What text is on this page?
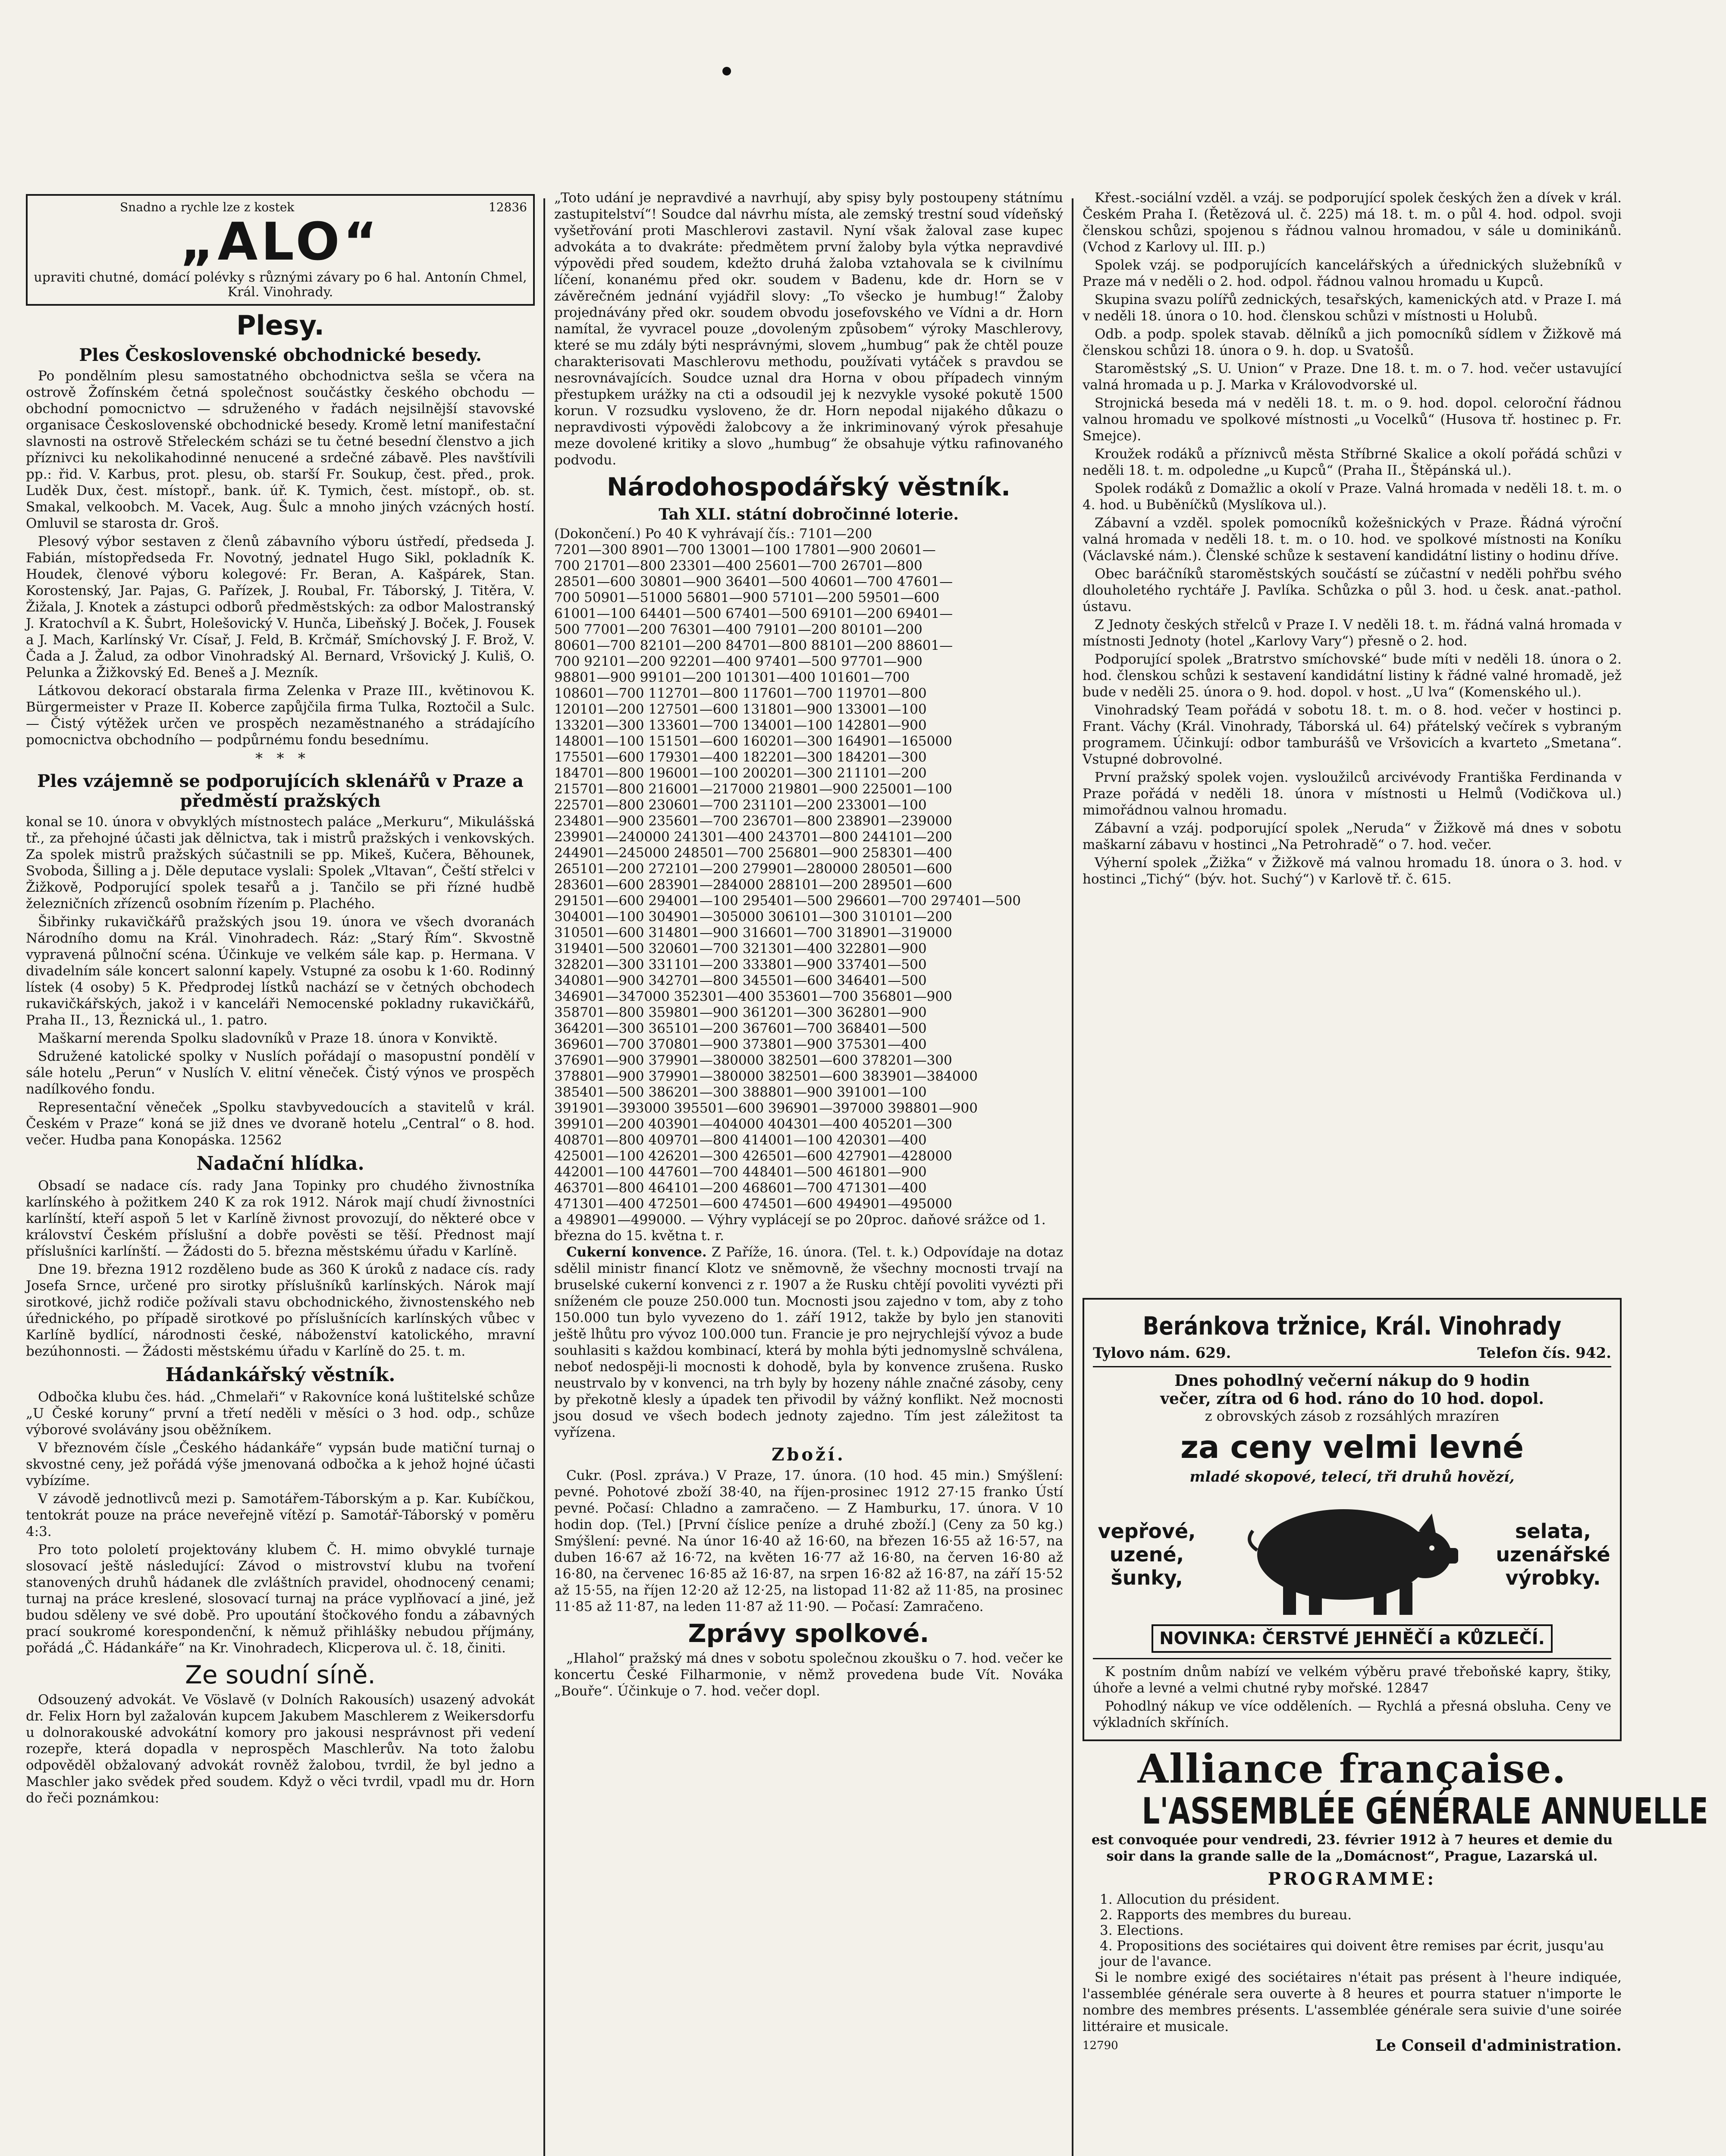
Snadno a rychle lze z kostek	12836
„ALO“
upraviti chutné, domácí polévky s různými závary po 6 hal. Antonín Chmel, Král. Vinohrady.
Plesy.
Ples Československé obchodnické besedy.

Po pondělním plesu samostatného obchodnictva sešla se včera na ostrově Žofínském četná společnost součástky českého obchodu — obchodní pomocnictvo — sdruženého v řadách nejsilnější stavovské organisace Československé obchodnické besedy. Kromě letní manifestační slavnosti na ostrově Střeleckém scházi se tu četné besední členstvo a jich příznivci ku nekolikahodinné nenucené a srdečné zábavě. Ples navštívili pp.: řid. V. Karbus, prot. plesu, ob. starší Fr. Soukup, čest. před., prok. Luděk Dux, čest. místopř., bank. úř. K. Tymich, čest. místopř., ob. st. Smakal, velkoobch. M. Vacek, Aug. Šulc a mnoho jiných vzácných hostí. Omluvil se starosta dr. Groš.

Plesový výbor sestaven z členů zábavního výboru ústředí, předseda J. Fabián, místopředseda Fr. Novotný, jednatel Hugo Sikl, pokladník K. Houdek, členové výboru kolegové: Fr. Beran, A. Kašpárek, Stan. Korostenský, Jar. Pajas, G. Pařízek, J. Roubal, Fr. Táborský, J. Titěra, V. Žižala, J. Knotek a zástupci odborů předměstských: za odbor Malostranský J. Kratochvíl a K. Šubrt, Holešovický V. Hunča, Libeňský J. Boček, J. Fousek a J. Mach, Karlínský Vr. Císař, J. Feld, B. Krčmář, Smíchovský J. F. Brož, V. Čada a J. Žalud, za odbor Vinohradský Al. Bernard, Vršovický J. Kuliš, O. Pelunka a Žižkovský Ed. Beneš a J. Mezník.

Látkovou dekorací obstarala firma Zelenka v Praze III., květinovou K. Bürgermeister v Praze II. Koberce zapůjčila firma Tulka, Roztočil a Sulc. — Čistý výtěžek určen ve prospěch nezaměstnaného a strádajícího pomocnictva obchodního — podpůrnému fondu besednímu.

*   *   *
Ples vzájemně se podporujících sklenářů v Praze a předměstí pražských

konal se 10. února v obvyklých místnostech paláce „Merkuru“, Mikulášská tř., za přehojné účasti jak dělnictva, tak i mistrů pražských i venkovských. Za spolek mistrů pražských súčastnili se pp. Mikeš, Kučera, Běhounek, Svoboda, Šilling a j. Děle deputace vyslali: Spolek „Vltavan“, Čeští střelci v Žižkově, Podporující spolek tesařů a j. Tančilo se při řízné hudbě železničních zřízenců osobním řízením p. Plachého.

Šibřinky rukavičkářů pražských jsou 19. února ve všech dvoranách Národního domu na Král. Vinohradech. Ráz: „Starý Řím“. Skvostně vypravená půlnoční scéna. Účinkuje ve velkém sále kap. p. Hermana. V divadelním sále koncert salonní kapely. Vstupné za osobu k 1·60. Rodinný lístek (4 osoby) 5 K. Předprodej lístků nachází se v četných obchodech rukavičkářských, jakož i v kanceláři Nemocenské pokladny rukavičkářů, Praha II., 13, Řeznická ul., 1. patro.

Maškarní merenda Spolku sladovníků v Praze 18. února v Konviktě.

Sdružené katolické spolky v Nuslích pořádají o masopustní pondělí v sále hotelu „Perun“ v Nuslích V. elitní věneček. Čistý výnos ve prospěch nadílkového fondu.

Representační věneček „Spolku stavbyvedoucích a stavitelů v král. Českém v Praze“ koná se již dnes ve dvoraně hotelu „Central“ o 8. hod. večer. Hudba pana Konopáska. 12562

Nadační hlídka.

Obsadí se nadace cís. rady Jana Topinky pro chudého živnostníka karlínského à požitkem 240 K za rok 1912. Nárok mají chudí živnostníci karlínští, kteří aspoň 5 let v Karlíně živnost provozují, do některé obce v království Českém příslušní a dobře pověsti se těší. Přednost mají příslušníci karlínští. — Žádosti do 5. března městskému úřadu v Karlíně.

Dne 19. března 1912 rozděleno bude as 360 K úroků z nadace cís. rady Josefa Srnce, určené pro sirotky příslušníků karlínských. Nárok mají sirotkové, jichž rodiče požívali stavu obchodnického, živnostenského neb úřednického, po případě sirotkové po příslušnících karlínských vůbec v Karlíně bydlící, národnosti české, náboženství katolického, mravní bezúhonnosti. — Žádosti městskému úřadu v Karlíně do 25. t. m.

Hádankářský věstník.

Odbočka klubu čes. hád. „Chmelaři“ v Rakovníce koná luštitelské schůze „U České koruny“ první a třetí neděli v měsíci o 3 hod. odp., schůze výborové svolávány jsou oběžníkem.

V březnovém čísle „Českého hádankáře“ vypsán bude matiční turnaj o skvostné ceny, jež pořádá výše jmenovaná odbočka a k jehož hojné účasti vybízíme.

V závodě jednotlivců mezi p. Samotářem-Táborským a p. Kar. Kubíčkou, tentokrát pouze na práce neveřejně vítězí p. Samotář-Táborský v poměru 4:3.

Pro toto pololetí projektovány klubem Č. H. mimo obvyklé turnaje slosovací ještě následující: Závod o mistrovství klubu na tvoření stanovených druhů hádanek dle zvláštních pravidel, ohodnocený cenami; turnaj na práce kreslené, slosovací turnaj na práce vyplňovací a jiné, jež budou sděleny ve své době. Pro upoutání štočkového fondu a zábavných prací soukromé korespondenční, k němuž přihlášky nebudou příjmány, pořádá „Č. Hádankáře“ na Kr. Vinohradech, Klicperova ul. č. 18, činiti.

Ze soudní síně.

Odsouzený advokát. Ve Vöslavě (v Dolních Rakousích) usazený advokát dr. Felix Horn byl zažalován kupcem Jakubem Maschlerem z Weikersdorfu u dolnorakouské advokátní komory pro jakousi nesprávnost při vedení rozepře, která dopadla v neprospěch Maschlerův. Na toto žalobu odpověděl obžalovaný advokát rovněž žalobou, tvrdil, že byl jedno a Maschler jako svědek před soudem. Když o věci tvrdil, vpadl mu dr. Horn do řeči poznámkou:

„Toto udání je nepravdivé a navrhují, aby spisy byly postoupeny státnímu zastupitelství“! Soudce dal návrhu místa, ale zemský trestní soud vídeňský vyšetřování proti Maschlerovi zastavil. Nyní však žaloval zase kupec advokáta a to dvakráte: předmětem první žaloby byla výtka nepravdivé výpovědi před soudem, kdežto druhá žaloba vztahovala se k civilnímu líčení, konanému před okr. soudem v Badenu, kde dr. Horn se v závěrečném jednání vyjádřil slovy: „To všecko je humbug!“ Žaloby projednávány před okr. soudem obvodu josefovského ve Vídni a dr. Horn namítal, že vyvracel pouze „dovoleným způsobem“ výroky Maschlerovy, které se mu zdály býti nesprávnými, slovem „humbug“ pak že chtěl pouze charakterisovati Maschlerovu methodu, používati vytáček s pravdou se nesrovnávajících. Soudce uznal dra Horna v obou případech vinným přestupkem urážky na cti a odsoudil jej k nezvykle vysoké pokutě 1500 korun. V rozsudku vysloveno, že dr. Horn nepodal nijakého důkazu o nepravdivosti výpovědi žalobcovy a že inkriminovaný výrok přesahuje meze dovolené kritiky a slovo „humbug“ že obsahuje výtku rafinovaného podvodu.

Národohospodářský věstník.
Tah XLI. státní dobročinné loterie.
(Dokončení.) Po 40 K vyhrávají čís.: 7101—200
7201—300 8901—700 13001—100 17801—900 20601—
700 21701—800 23301—400 25601—700 26701—800
28501—600 30801—900 36401—500 40601—700 47601—
700 50901—51000 56801—900 57101—200 59501—600
61001—100 64401—500 67401—500 69101—200 69401—
500 77001—200 76301—400 79101—200 80101—200
80601—700 82101—200 84701—800 88101—200 88601—
700 92101—200 92201—400 97401—500 97701—900
98801—900 99101—200 101301—400 101601—700
108601—700 112701—800 117601—700 119701—800
120101—200 127501—600 131801—900 133001—100
133201—300 133601—700 134001—100 142801—900
148001—100 151501—600 160201—300 164901—165000
175501—600 179301—400 182201—300 184201—300
184701—800 196001—100 200201—300 211101—200
215701—800 216001—217000 219801—900 225001—100
225701—800 230601—700 231101—200 233001—100
234801—900 235601—700 236701—800 238901—239000
239901—240000 241301—400 243701—800 244101—200
244901—245000 248501—700 256801—900 258301—400
265101—200 272101—200 279901—280000 280501—600
283601—600 283901—284000 288101—200 289501—600
291501—600 294001—100 295401—500 296601—700 297401—500
304001—100 304901—305000 306101—300 310101—200
310501—600 314801—900 316601—700 318901—319000
319401—500 320601—700 321301—400 322801—900
328201—300 331101—200 333801—900 337401—500
340801—900 342701—800 345501—600 346401—500
346901—347000 352301—400 353601—700 356801—900
358701—800 359801—900 361201—300 362801—900
364201—300 365101—200 367601—700 368401—500
369601—700 370801—900 373801—900 375301—400
376901—900 379901—380000 382501—600 378201—300
378801—900 379901—380000 382501—600 383901—384000
385401—500 386201—300 388801—900 391001—100
391901—393000 395501—600 396901—397000 398801—900
399101—200 403901—404000 404301—400 405201—300
408701—800 409701—800 414001—100 420301—400
425001—100 426201—300 426501—600 427901—428000
442001—100 447601—700 448401—500 461801—900
463701—800 464101—200 468601—700 471301—400
471301—400 472501—600 474501—600 494901—495000
a 498901—499000. — Výhry vyplácejí se po 20proc. daňové srážce od 1. března do 15. května t. r.

Cukerní konvence. Z Paříže, 16. února. (Tel. t. k.) Odpovídaje na dotaz sdělil ministr financí Klotz ve sněmovně, že všechny mocnosti trvají na bruselské cukerní konvenci z r. 1907 a že Rusku chtějí povoliti vyvézti při sníženém cle pouze 250.000 tun. Mocnosti jsou zajedno v tom, aby z toho 150.000 tun bylo vyvezeno do 1. září 1912, takže by bylo jen stanoviti ještě lhůtu pro vývoz 100.000 tun. Francie je pro nejrychlejší vývoz a bude souhlasiti s každou kombinací, která by mohla býti jednomyslně schválena, neboť nedospěji-li mocnosti k dohodě, byla by konvence zrušena. Rusko neustrvalo by v konvenci, na trh byly by hozeny náhle značné zásoby, ceny by překotně klesly a úpadek ten přivodil by vážný konflikt. Než mocnosti jsou dosud ve všech bodech jednoty zajedno. Tím jest záležitost ta vyřízena.

Zboží.

Cukr. (Posl. zpráva.) V Praze, 17. února. (10 hod. 45 min.) Smýšlení: pevné. Pohotové zboží 38·40, na říjen-prosinec 1912 27·15 franko Ústí pevné. Počasí: Chladno a zamračeno. — Z Hamburku, 17. února. V 10 hodin dop. (Tel.) [První číslice peníze a druhé zboží.] (Ceny za 50 kg.) Smýšlení: pevné. Na únor 16·40 až 16·60, na březen 16·55 až 16·57, na duben 16·67 až 16·72, na květen 16·77 až 16·80, na červen 16·80 až 16·80, na červenec 16·85 až 16·87, na srpen 16·82 až 16·87, na září 15·52 až 15·55, na říjen 12·20 až 12·25, na listopad 11·82 až 11·85, na prosinec 11·85 až 11·87, na leden 11·87 až 11·90. — Počasí: Zamračeno.

Zprávy spolkové.

„Hlahol“ pražský má dnes v sobotu společnou zkoušku o 7. hod. večer ke koncertu České Filharmonie, v němž provedena bude Vít. Nováka „Bouře“. Účinkuje o 7. hod. večer dopl.

Křest.-sociální vzděl. a vzáj. se podporující spolek českých žen a dívek v král. Českém Praha I. (Řetězová ul. č. 225) má 18. t. m. o půl 4. hod. odpol. svoji členskou schůzi, spojenou s řádnou valnou hromadou, v sále u dominikánů. (Vchod z Karlovy ul. III. p.)

Spolek vzáj. se podporujících kancelářských a úřednických služebníků v Praze má v neděli o 2. hod. odpol. řádnou valnou hromadu u Kupců.

Skupina svazu polířů zednických, tesařských, kamenických atd. v Praze I. má v neděli 18. února o 10. hod. členskou schůzi v místnosti u Holubů.

Odb. a podp. spolek stavab. dělníků a jich pomocníků sídlem v Žižkově má členskou schůzi 18. února o 9. h. dop. u Svatošů.

Staroměstský „S. U. Union“ v Praze. Dne 18. t. m. o 7. hod. večer ustavující valná hromada u p. J. Marka v Královodvorské ul.

Strojnická beseda má v neděli 18. t. m. o 9. hod. dopol. celoroční řádnou valnou hromadu ve spolkové místnosti „u Vocelků“ (Husova tř. hostinec p. Fr. Smejce).

Kroužek rodáků a příznivců města Stříbrné Skalice a okolí pořádá schůzi v neděli 18. t. m. odpoledne „u Kupců“ (Praha II., Štěpánská ul.).

Spolek rodáků z Domažlic a okolí v Praze. Valná hromada v neděli 18. t. m. o 4. hod. u Buběníčků (Myslíkova ul.).

Zábavní a vzděl. spolek pomocníků kožešnických v Praze. Řádná výroční valná hromada v neděli 18. t. m. o 10. hod. ve spolkové místnosti na Koníku (Václavské nám.). Členské schůze k sestavení kandidátní listiny o hodinu dříve.

Obec baráčníků staroměstských součástí se zúčastní v neděli pohřbu svého dlouholetého rychtáře J. Pavlíka. Schůzka o půl 3. hod. u česk. anat.-pathol. ústavu.

Z Jednoty českých střelců v Praze I. V neděli 18. t. m. řádná valná hromada v místnosti Jednoty (hotel „Karlovy Vary“) přesně o 2. hod.

Podporující spolek „Bratrstvo smíchovské“ bude míti v neděli 18. února o 2. hod. členskou schůzi k sestavení kandidátní listiny k řádné valné hromadě, jež bude v neděli 25. února o 9. hod. dopol. v host. „U lva“ (Komenského ul.).

Vinohradský Team pořádá v sobotu 18. t. m. o 8. hod. večer v hostinci p. Frant. Váchy (Král. Vinohrady, Táborská ul. 64) přátelský večírek s vybraným programem. Účinkují: odbor tamburášů ve Vršovicích a kvarteto „Smetana“. Vstupné dobrovolné.

První pražský spolek vojen. vysloužilců arcivévody Františka Ferdinanda v Praze pořádá v neděli 18. února v místnosti u Helmů (Vodičkova ul.) mimořádnou valnou hromadu.

Zábavní a vzáj. podporující spolek „Neruda“ v Žižkově má dnes v sobotu maškarní zábavu v hostinci „Na Petrohradě“ o 7. hod. večer.

Výherní spolek „Žižka“ v Žižkově má valnou hromadu 18. února o 3. hod. v hostinci „Tichý“ (býv. hot. Suchý“) v Karlově tř. č. 615.

Beránkova tržnice, Král. Vinohrady
Tylovo nám. 629.	Telefon čís. 942.
Dnes pohodlný večerní nákup do 9 hodin
večer, zítra od 6 hod. ráno do 10 hod. dopol.
z obrovských zásob z rozsáhlých mrazíren
za ceny velmi levné
mladé skopové, telecí, tři druhů hovězí,
vepřové, uzené, šunky,
selata, uzenářské výrobky.
NOVINKA: ČERSTVÉ JEHNĚČÍ a KŮZLEČÍ.

K postním dnům nabízí ve velkém výběru pravé třeboňské kapry, štiky, úhoře a levné a velmi chutné ryby mořské. 12847

Pohodlný nákup ve více odděleních. — Rychlá a přesná obsluha. Ceny ve výkladních skříních.

Alliance française.
L'ASSEMBLÉE GÉNÉRALE ANNUELLE

est convoquée pour vendredi, 23. février 1912 à 7 heures et demie du soir dans la grande salle de la „Domácnost“, Prague, Lazarská ul.

PROGRAMME:
1. Allocution du président.
2. Rapports des membres du bureau.
3. Elections.
4. Propositions des sociétaires qui doivent être remises par écrit, jusqu'au jour de l'avance.

Si le nombre exigé des sociétaires n'était pas présent à l'heure indiquée, l'assemblée générale sera ouverte à 8 heures et pourra statuer n'importe le nombre des membres présents. L'assemblée générale sera suivie d'une soirée littéraire et musicale.

12790	Le Conseil d'administration.
